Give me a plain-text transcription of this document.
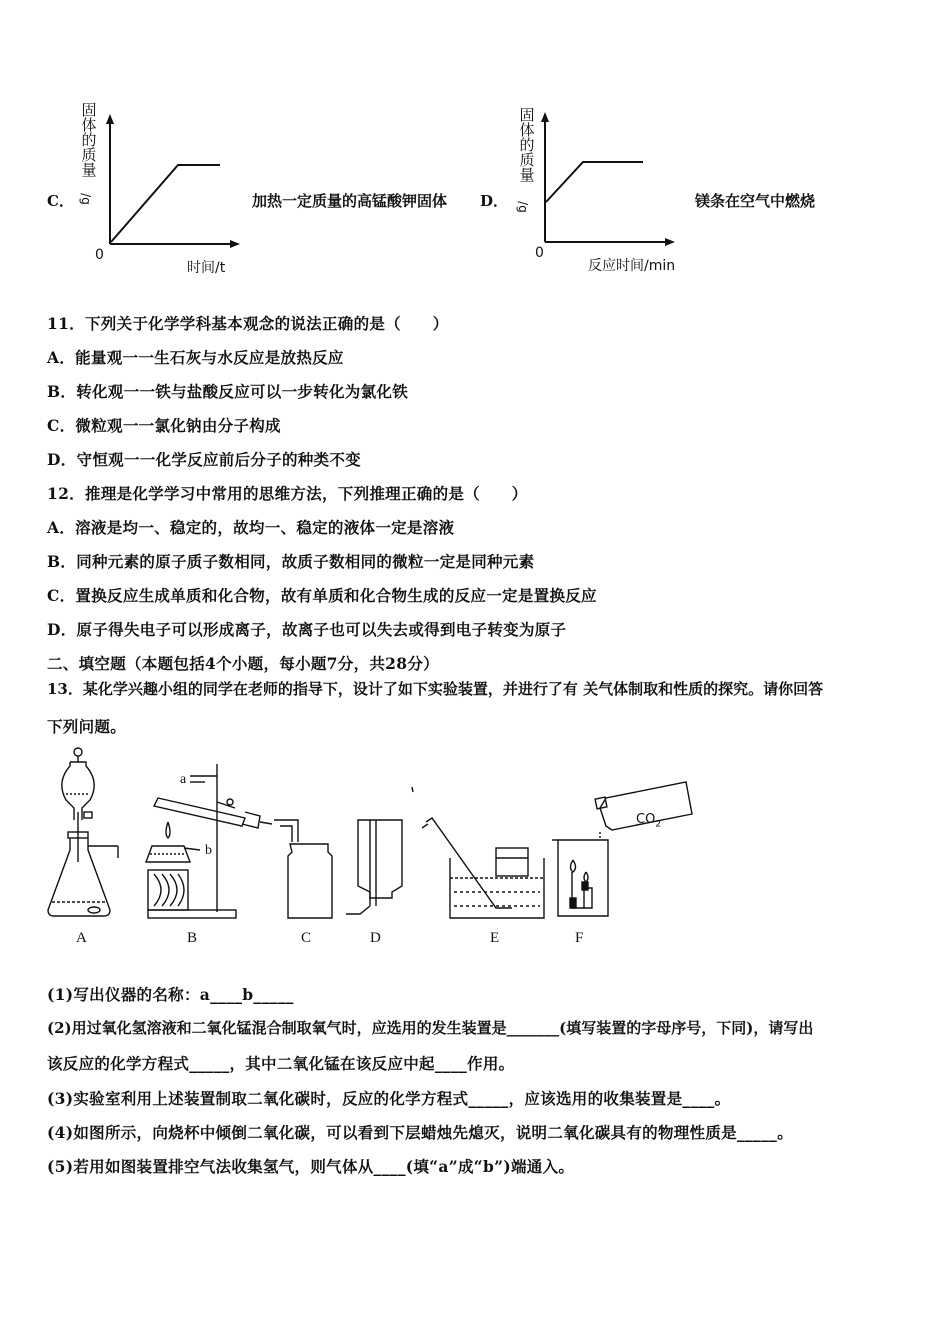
C．
固
体
的
质
量
/g
0
时间/t
加热一定质量的高锰酸钾固体 D．
固
体
的
质
量
/g
0
反应时间/min
镁条在空气中燃烧
11．下列关于化学学科基本观念的说法正确的是（　　）
A．能量观一一生石灰与水反应是放热反应
B．转化观一一铁与盐酸反应可以一步转化为氯化铁
C．微粒观一一氯化钠由分子构成
D．守恒观一一化学反应前后分子的种类不变
12．推理是化学学习中常用的思维方法，下列推理正确的是（　　）
A．溶液是均一、稳定的，故均一、稳定的液体一定是溶液
B．同种元素的原子质子数相同，故质子数相同的微粒一定是同种元素
C．置换反应生成单质和化合物，故有单质和化合物生成的反应一定是置换反应
D．原子得失电子可以形成离子，故离子也可以失去或得到电子转变为原子
二、填空题（本题包括4个小题，每小题7分，共28分）
13．某化学兴趣小组的同学在老师的指导下，设计了如下实验装置，并进行了有 关气体制取和性质的探究。请你回答
下列问题。
a
b
$CO_2$
A	B	C	D	E	F
(1)写出仪器的名称：a____b_____
(2)用过氧化氢溶液和二氧化锰混合制取氧气时，应选用的发生装置是_______(填写装置的字母序号，下同)，请写出
该反应的化学方程式_____，其中二氧化锰在该反应中起____作用。
(3)实验室利用上述装置制取二氧化碳时，反应的化学方程式_____，应该选用的收集装置是____。
(4)如图所示，向烧杯中倾倒二氧化碳，可以看到下层蜡烛先熄灭，说明二氧化碳具有的物理性质是_____。
(5)若用如图装置排空气法收集氢气，则气体从____(填“a”成“b”)端通入。
